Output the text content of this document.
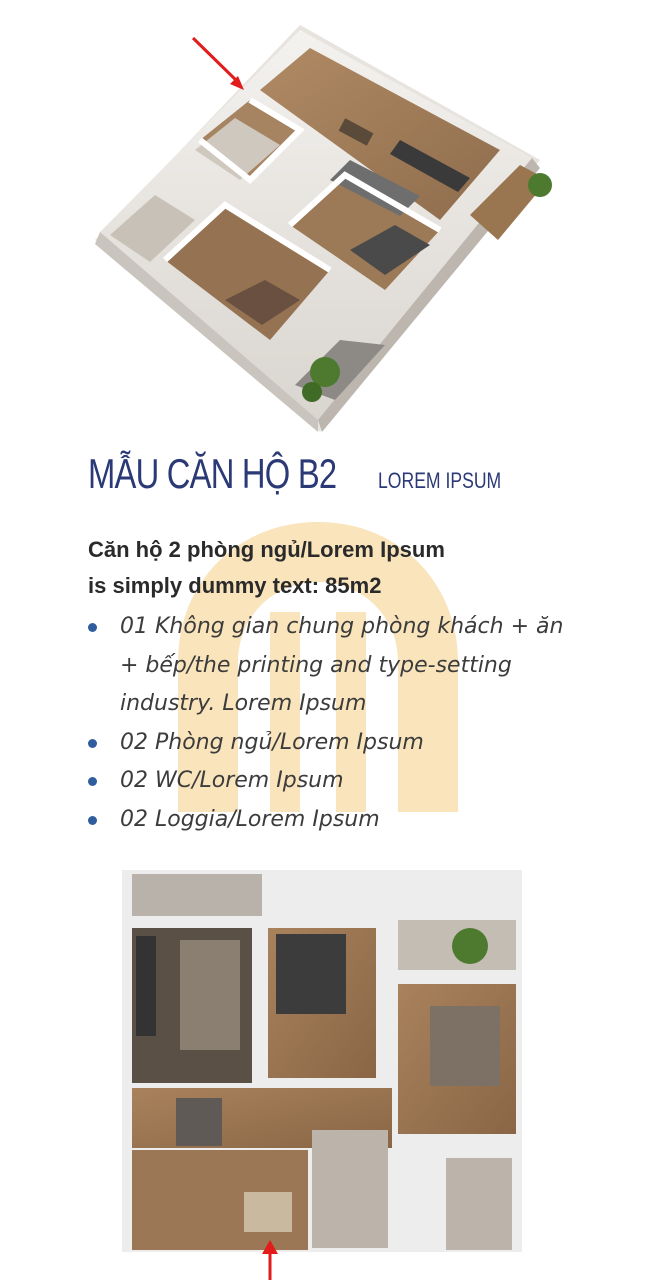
MẪU CĂN HỘ B2 LOREM IPSUM

Căn hộ 2 phòng ngủ/Lorem Ipsum
is simply dummy text: 85m2

01 Không gian chung phòng khách + ăn + bếp/the printing and type-setting industry. Lorem Ipsum
02 Phòng ngủ/Lorem Ipsum
02 WC/Lorem Ipsum
02 Loggia/Lorem Ipsum
